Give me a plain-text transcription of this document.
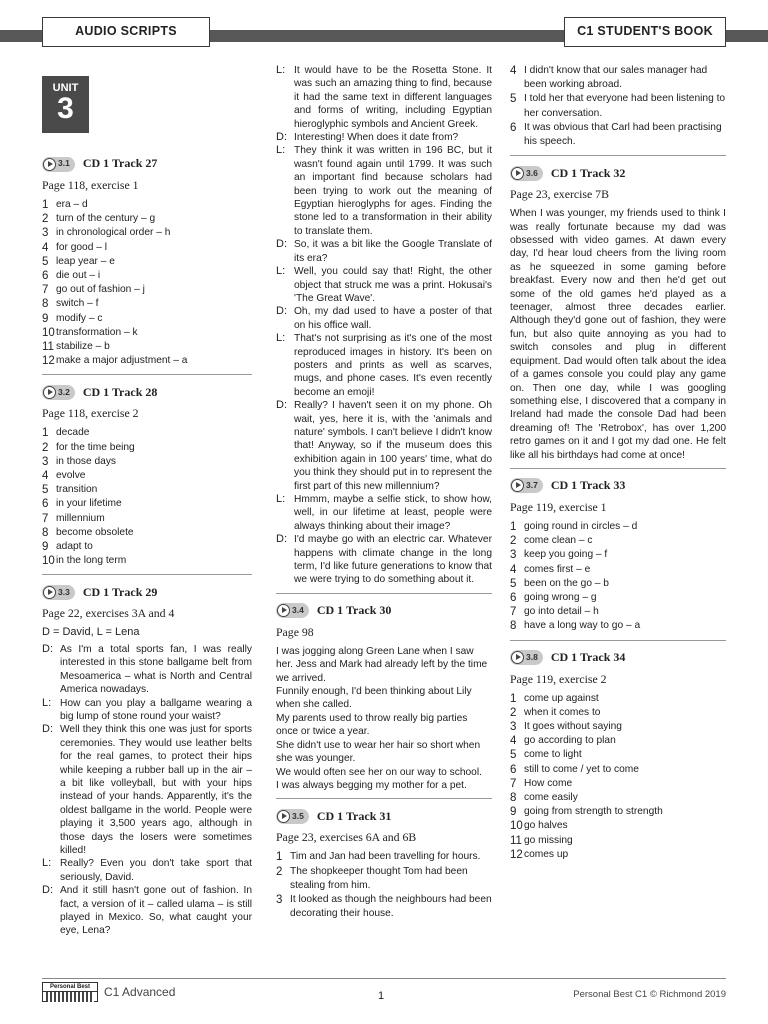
AUDIO SCRIPTS	C1 STUDENT'S BOOK
UNIT
3
3.1 CD 1 Track 27
Page 118, exercise 1
1 era – d
2 turn of the century – g
3 in chronological order – h
4 for good – l
5 leap year – e
6 die out – i
7 go out of fashion – j
8 switch – f
9 modify – c
10 transformation – k
11 stabilize – b
12 make a major adjustment – a
3.2 CD 1 Track 28
Page 118, exercise 2
1 decade
2 for the time being
3 in those days
4 evolve
5 transition
6 in your lifetime
7 millennium
8 become obsolete
9 adapt to
10 in the long term
3.3 CD 1 Track 29
Page 22, exercises 3A and 4
D = David, L = Lena
D: As I'm a total sports fan, I was really interested in this stone ballgame belt from Mesoamerica – what is North and Central America nowadays.
L: How can you play a ballgame wearing a big lump of stone round your waist?
D: Well they think this one was just for sports ceremonies. They would use leather belts for the real games, to protect their hips while keeping a rubber ball up in the air – a bit like volleyball, but with your hips instead of your hands. Apparently, it's the oldest ballgame in the world. People were playing it 3,500 years ago, although in those days the losers were sometimes killed!
L: Really? Even you don't take sport that seriously, David.
D: And it still hasn't gone out of fashion. In fact, a version of it – called ulama – is still played in Mexico. So, what caught your eye, Lena?
L: It would have to be the Rosetta Stone. It was such an amazing thing to find, because it had the same text in different languages and forms of writing, including Egyptian hieroglyphic symbols and Ancient Greek.
D: Interesting! When does it date from?
L: They think it was written in 196 BC, but it wasn't found again until 1799. It was such an important find because scholars had been trying to work out the meaning of Egyptian hieroglyphs for ages. Finding the stone led to a transformation in their ability to translate them.
D: So, it was a bit like the Google Translate of its era?
L: Well, you could say that! Right, the other object that struck me was a print. Hokusai's 'The Great Wave'.
D: Oh, my dad used to have a poster of that on his office wall.
L: That's not surprising as it's one of the most reproduced images in history. It's been on posters and prints as well as scarves, mugs, and phone cases. It's even recently become an emoji!
D: Really? I haven't seen it on my phone. Oh wait, yes, here it is, with the 'animals and nature' symbols. I can't believe I didn't know that! Anyway, so if the museum does this exhibition again in 100 years' time, what do you think they should put in to represent the first part of this new millennium?
L: Hmmm, maybe a selfie stick, to show how, well, in our lifetime at least, people were always thinking about their image?
D: I'd maybe go with an electric car. Whatever happens with climate change in the long term, I'd like future generations to know that we were trying to do something about it.
3.4 CD 1 Track 30
Page 98

I was jogging along Green Lane when I saw her. Jess and Mark had already left by the time we arrived.

Funnily enough, I'd been thinking about Lily when she called.

My parents used to throw really big parties once or twice a year.

She didn't use to wear her hair so short when she was younger.

We would often see her on our way to school.

I was always begging my mother for a pet.

3.5 CD 1 Track 31
Page 23, exercises 6A and 6B
1 Tim and Jan had been travelling for hours.
2 The shopkeeper thought Tom had been stealing from him.
3 It looked as though the neighbours had been decorating their house.
4 I didn't know that our sales manager had been working abroad.
5 I told her that everyone had been listening to her conversation.
6 It was obvious that Carl had been practising his speech.
3.6 CD 1 Track 32
Page 23, exercise 7B
When I was younger, my friends used to think I was really fortunate because my dad was obsessed with video games. At dawn every day, I'd hear loud cheers from the living room as he squeezed in some gaming before breakfast. Every now and then he'd get out some of the old games he'd played as a teenager, almost three decades earlier. Although they'd gone out of fashion, they were fun, but also quite annoying as you had to switch consoles and plug in different equipment. Dad would often talk about the idea of a games console you could play any game on. Then one day, while I was googling something else, I discovered that a company in Ireland had made the console Dad had been dreaming of! The 'Retrobox', has over 1,200 retro games on it and I got my dad one. He felt like all his birthdays had come at once!
3.7 CD 1 Track 33
Page 119, exercise 1
1 going round in circles – d
2 come clean – c
3 keep you going – f
4 comes first – e
5 been on the go – b
6 going wrong – g
7 go into detail – h
8 have a long way to go – a
3.8 CD 1 Track 34
Page 119, exercise 2
1 come up against
2 when it comes to
3 It goes without saying
4 go according to plan
5 come to light
6 still to come / yet to come
7 How come
8 come easily
9 going from strength to strength
10 go halves
11 go missing
12 comes up
Personal Best	C1 Advanced	1	Personal Best C1 © Richmond 2019
